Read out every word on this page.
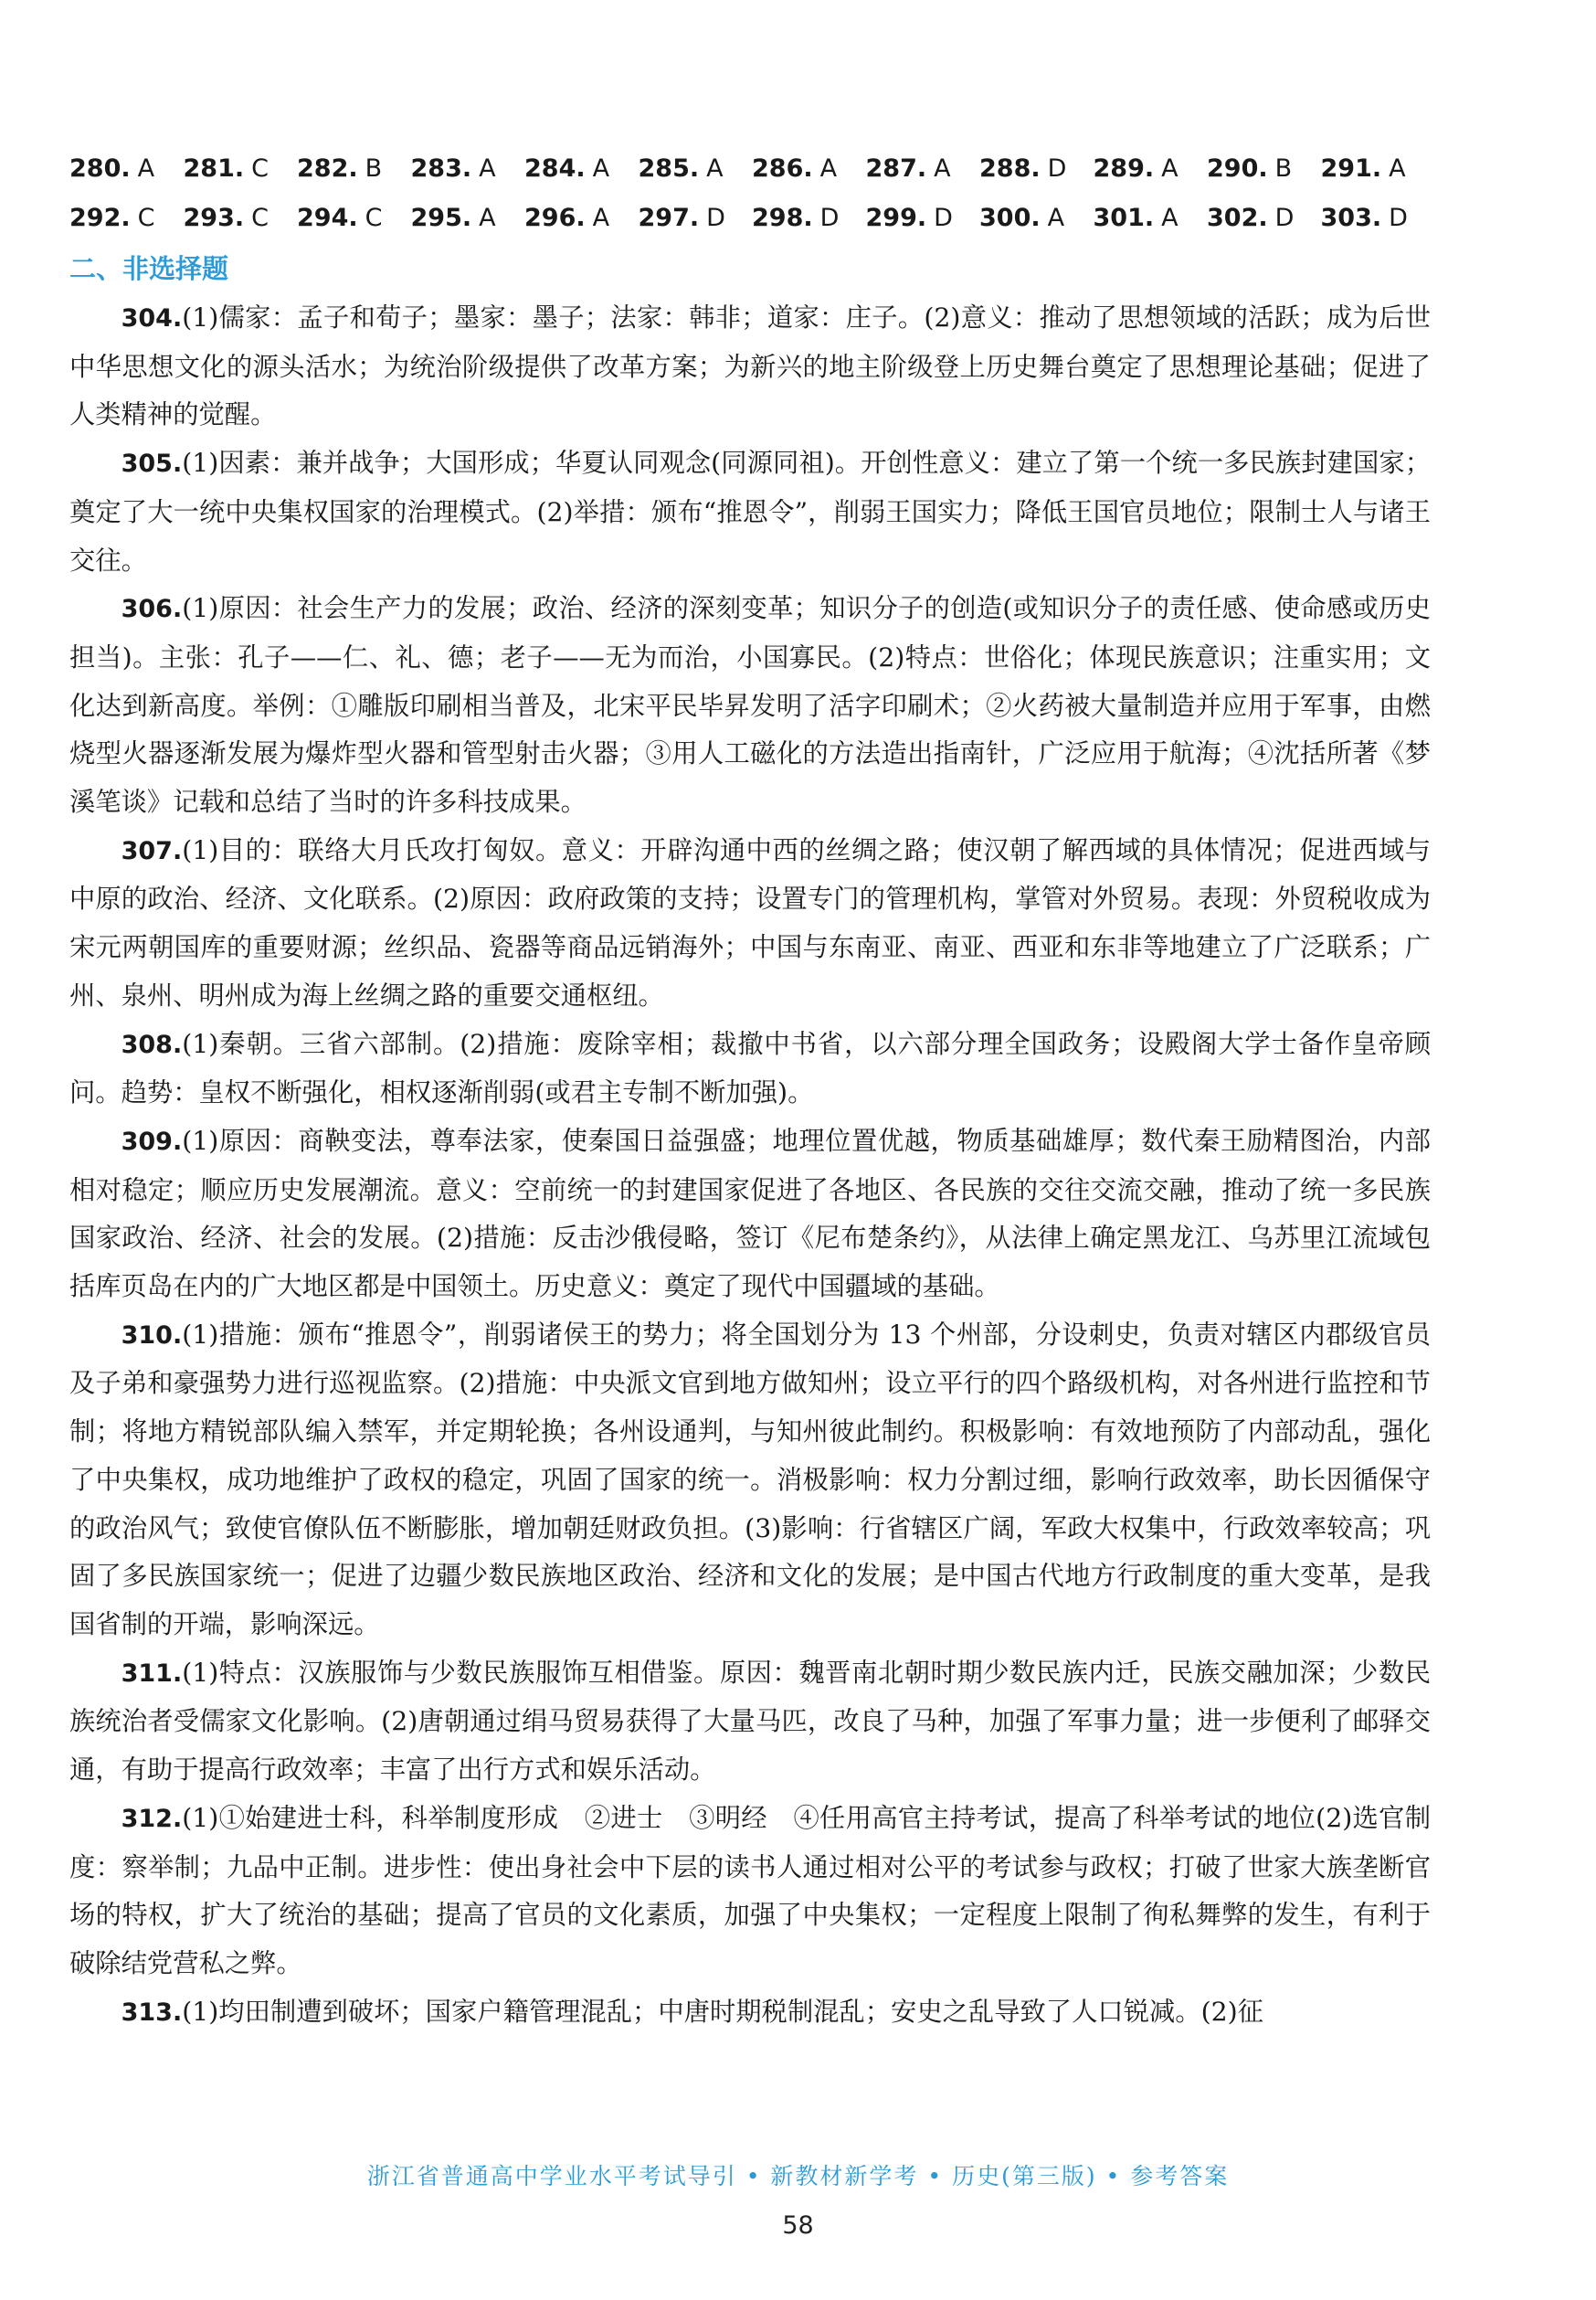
280. A 281. C 282. B 283. A 284. A 285. A 286. A 287. A 288. D 289. A 290. B 291. A
292. C 293. C 294. C 295. A 296. A 297. D 298. D 299. D 300. A 301. A 302. D 303. D
二、非选择题

304.(1)儒家：孟子和荀子；墨家：墨子；法家：韩非；道家：庄子。(2)意义：推动了思想领域的活跃；成为后世中华思想文化的源头活水；为统治阶级提供了改革方案；为新兴的地主阶级登上历史舞台奠定了思想理论基础；促进了人类精神的觉醒。

305.(1)因素：兼并战争；大国形成；华夏认同观念(同源同祖)。开创性意义：建立了第一个统一多民族封建国家；奠定了大一统中央集权国家的治理模式。(2)举措：颁布“推恩令”，削弱王国实力；降低王国官员地位；限制士人与诸王交往。

306.(1)原因：社会生产力的发展；政治、经济的深刻变革；知识分子的创造(或知识分子的责任感、使命感或历史担当)。主张：孔子——仁、礼、德；老子——无为而治，小国寡民。(2)特点：世俗化；体现民族意识；注重实用；文化达到新高度。举例：①雕版印刷相当普及，北宋平民毕昇发明了活字印刷术；②火药被大量制造并应用于军事，由燃烧型火器逐渐发展为爆炸型火器和管型射击火器；③用人工磁化的方法造出指南针，广泛应用于航海；④沈括所著《梦溪笔谈》记载和总结了当时的许多科技成果。

307.(1)目的：联络大月氏攻打匈奴。意义：开辟沟通中西的丝绸之路；使汉朝了解西域的具体情况；促进西域与中原的政治、经济、文化联系。(2)原因：政府政策的支持；设置专门的管理机构，掌管对外贸易。表现：外贸税收成为宋元两朝国库的重要财源；丝织品、瓷器等商品远销海外；中国与东南亚、南亚、西亚和东非等地建立了广泛联系；广州、泉州、明州成为海上丝绸之路的重要交通枢纽。

308.(1)秦朝。三省六部制。(2)措施：废除宰相；裁撤中书省，以六部分理全国政务；设殿阁大学士备作皇帝顾问。趋势：皇权不断强化，相权逐渐削弱(或君主专制不断加强)。

309.(1)原因：商鞅变法，尊奉法家，使秦国日益强盛；地理位置优越，物质基础雄厚；数代秦王励精图治，内部相对稳定；顺应历史发展潮流。意义：空前统一的封建国家促进了各地区、各民族的交往交流交融，推动了统一多民族国家政治、经济、社会的发展。(2)措施：反击沙俄侵略，签订《尼布楚条约》，从法律上确定黑龙江、乌苏里江流域包括库页岛在内的广大地区都是中国领土。历史意义：奠定了现代中国疆域的基础。

310.(1)措施：颁布“推恩令”，削弱诸侯王的势力；将全国划分为 13 个州部，分设刺史，负责对辖区内郡级官员及子弟和豪强势力进行巡视监察。(2)措施：中央派文官到地方做知州；设立平行的四个路级机构，对各州进行监控和节制；将地方精锐部队编入禁军，并定期轮换；各州设通判，与知州彼此制约。积极影响：有效地预防了内部动乱，强化了中央集权，成功地维护了政权的稳定，巩固了国家的统一。消极影响：权力分割过细，影响行政效率，助长因循保守的政治风气；致使官僚队伍不断膨胀，增加朝廷财政负担。(3)影响：行省辖区广阔，军政大权集中，行政效率较高；巩固了多民族国家统一；促进了边疆少数民族地区政治、经济和文化的发展；是中国古代地方行政制度的重大变革，是我国省制的开端，影响深远。

311.(1)特点：汉族服饰与少数民族服饰互相借鉴。原因：魏晋南北朝时期少数民族内迁，民族交融加深；少数民族统治者受儒家文化影响。(2)唐朝通过绢马贸易获得了大量马匹，改良了马种，加强了军事力量；进一步便利了邮驿交通，有助于提高行政效率；丰富了出行方式和娱乐活动。

312.(1)①始建进士科，科举制度形成　②进士　③明经　④任用高官主持考试，提高了科举考试的地位(2)选官制度：察举制；九品中正制。进步性：使出身社会中下层的读书人通过相对公平的考试参与政权；打破了世家大族垄断官场的特权，扩大了统治的基础；提高了官员的文化素质，加强了中央集权；一定程度上限制了徇私舞弊的发生，有利于破除结党营私之弊。

313.(1)均田制遭到破坏；国家户籍管理混乱；中唐时期税制混乱；安史之乱导致了人口锐减。(2)征

浙江省普通高中学业水平考试导引 • 新教材新学考 • 历史(第三版) • 参考答案
58
